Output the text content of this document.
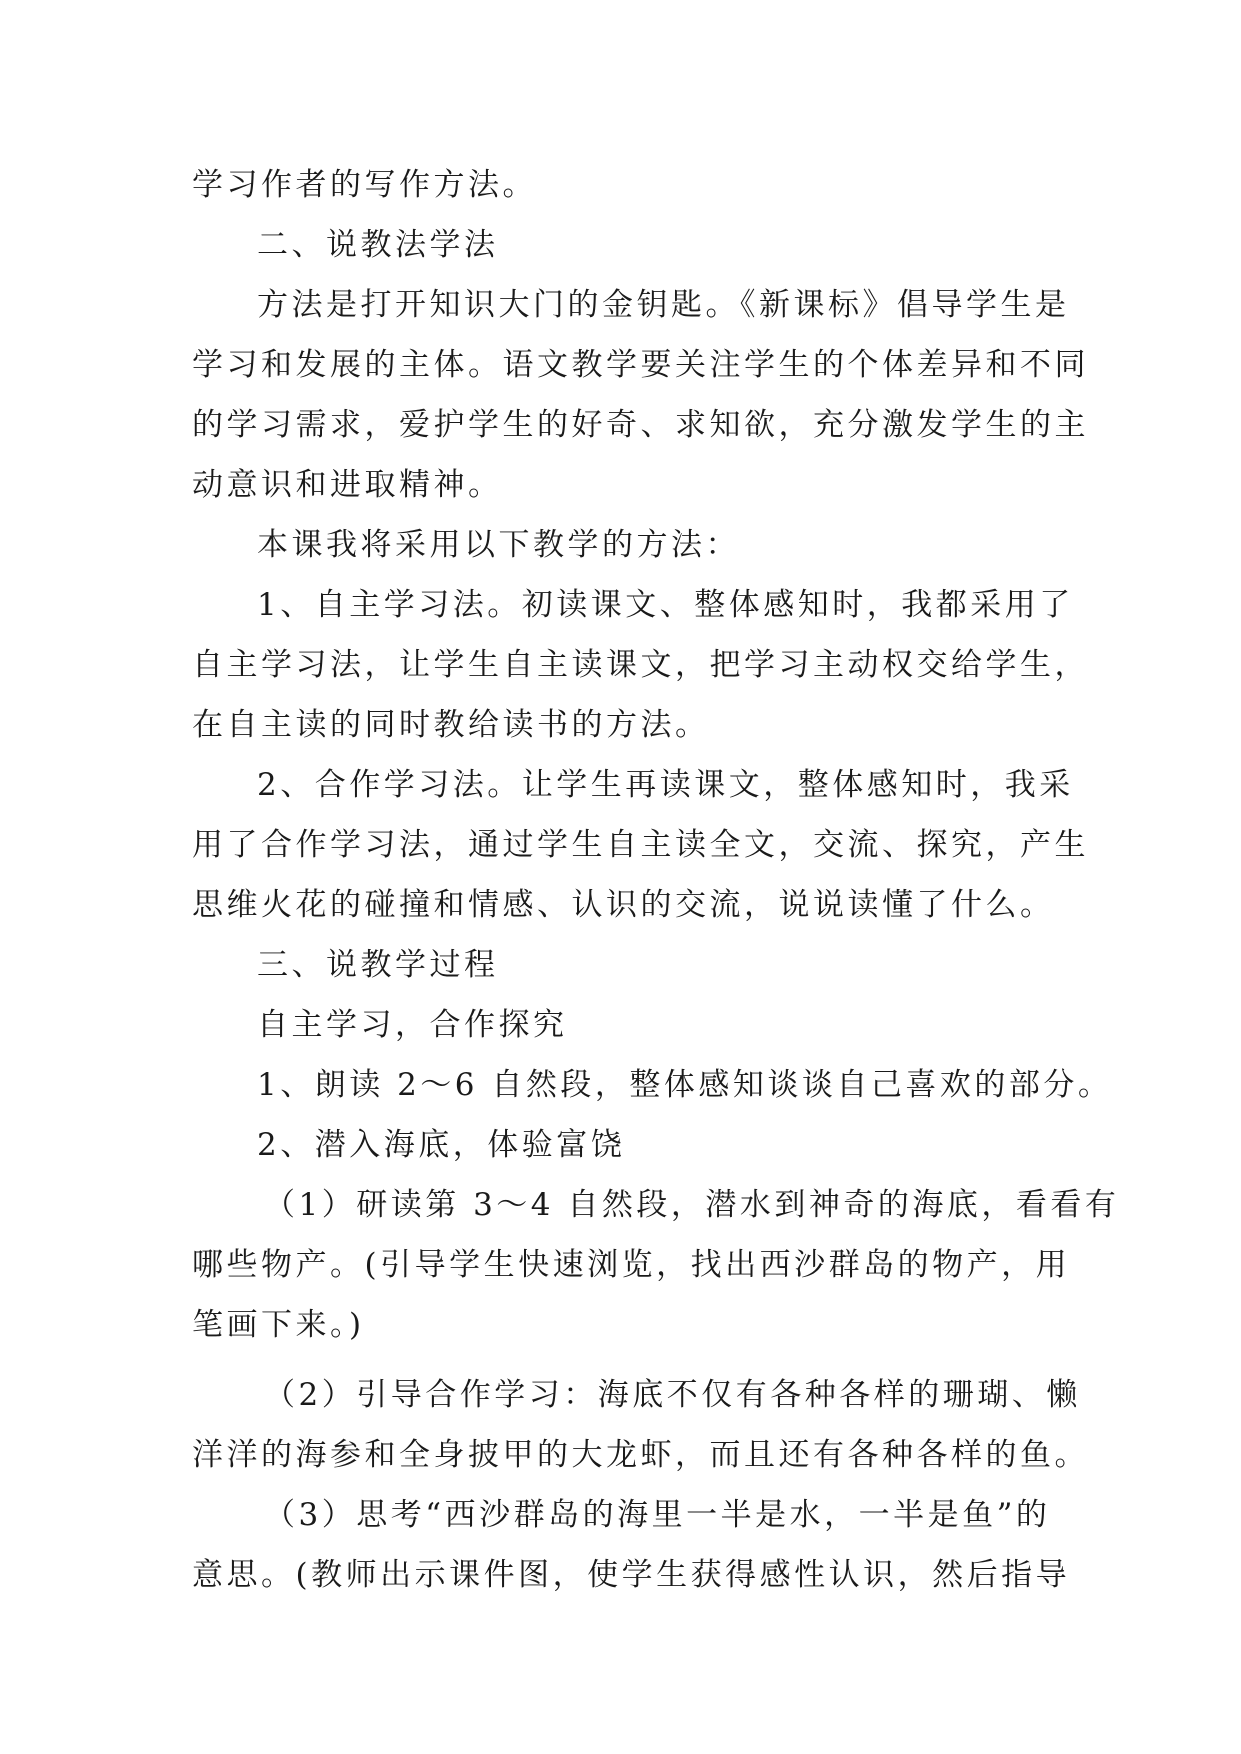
学习作者的写作方法。
二、说教法学法
方法是打开知识大门的金钥匙。《新课标》倡导学生是
学习和发展的主体。语文教学要关注学生的个体差异和不同
的学习需求，爱护学生的好奇、求知欲，充分激发学生的主
动意识和进取精神。
本课我将采用以下教学的方法：
1、自主学习法。初读课文、整体感知时，我都采用了
自主学习法，让学生自主读课文，把学习主动权交给学生，
在自主读的同时教给读书的方法。
2、合作学习法。让学生再读课文，整体感知时，我采
用了合作学习法，通过学生自主读全文，交流、探究，产生
思维火花的碰撞和情感、认识的交流，说说读懂了什么。
三、说教学过程
自主学习，合作探究
1、朗读 2～6 自然段，整体感知谈谈自己喜欢的部分。
2、潜入海底，体验富饶
（1）研读第 3～4 自然段，潜水到神奇的海底，看看有
哪些物产。(引导学生快速浏览，找出西沙群岛的物产，用
笔画下来。)
（2）引导合作学习：海底不仅有各种各样的珊瑚、懒
洋洋的海参和全身披甲的大龙虾，而且还有各种各样的鱼。
（3）思考“西沙群岛的海里一半是水，一半是鱼”的
意思。(教师出示课件图，使学生获得感性认识，然后指导
